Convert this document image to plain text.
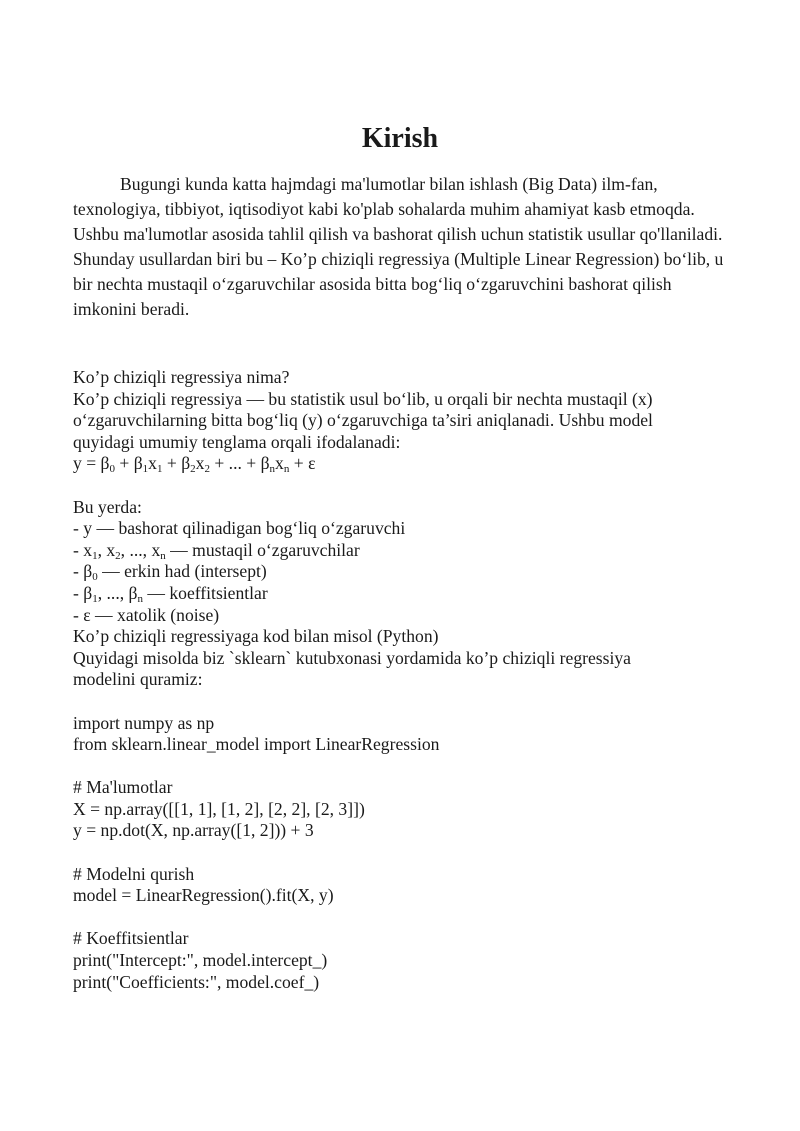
Kirish

Bugungi kunda katta hajmdagi ma'lumotlar bilan ishlash (Big Data) ilm-fan, texnologiya, tibbiyot, iqtisodiyot kabi ko'plab sohalarda muhim ahamiyat kasb etmoqda. Ushbu ma'lumotlar asosida tahlil qilish va bashorat qilish uchun statistik usullar qo'llaniladi. Shunday usullardan biri bu – Ko’p chiziqli regressiya (Multiple Linear Regression) bo‘lib, u bir nechta mustaqil o‘zgaruvchilar asosida bitta bog‘liq o‘zgaruvchini bashorat qilish imkonini beradi.

Ko’p chiziqli regressiya nima?
Ko’p chiziqli regressiya — bu statistik usul bo‘lib, u orqali bir nechta mustaqil (x)
o‘zgaruvchilarning bitta bog‘liq (y) o‘zgaruvchiga ta’siri aniqlanadi. Ushbu model
quyidagi umumiy tenglama orqali ifodalanadi:
$y = \beta_0 + \beta_1x_1 + \beta_2x_2$ + ... + $\beta_nx_n + \varepsilon$
Bu yerda:
- y — bashorat qilinadigan bog‘liq o‘zgaruvchi
- $x_1$, $x_2$, ..., $x_n$ — mustaqil o‘zgaruvchilar
- $\beta_0$ — erkin had (intersept)
- $\beta_1$, ..., $\beta_n$ — koeffitsientlar
- ε — xatolik (noise)
Ko’p chiziqli regressiyaga kod bilan misol (Python)
Quyidagi misolda biz `sklearn` kutubxonasi yordamida ko’p chiziqli regressiya
modelini quramiz:
import numpy as np
from sklearn.linear_model import LinearRegression
# Ma'lumotlar
X = np.array([[1, 1], [1, 2], [2, 2], [2, 3]])
y = np.dot(X, np.array([1, 2])) + 3
# Modelni qurish
model = LinearRegression().fit(X, y)
# Koeffitsientlar
print("Intercept:", model.intercept_)
print("Coefficients:", model.coef_)
